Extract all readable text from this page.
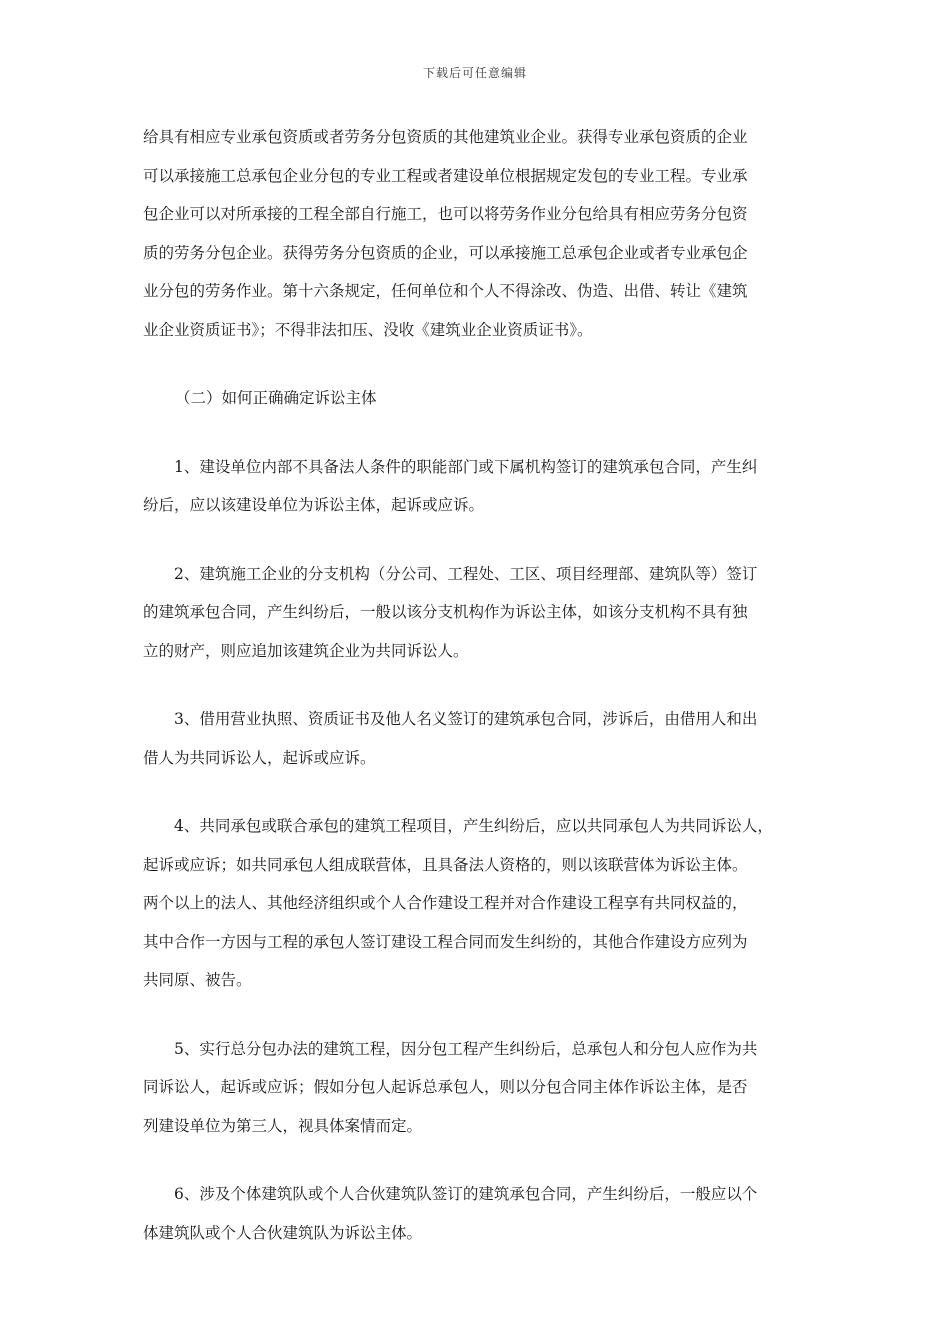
下载后可任意编辑

给具有相应专业承包资质或者劳务分包资质的其他建筑业企业。获得专业承包资质的企业
可以承接施工总承包企业分包的专业工程或者建设单位根据规定发包的专业工程。专业承
包企业可以对所承接的工程全部自行施工，也可以将劳务作业分包给具有相应劳务分包资
质的劳务分包企业。获得劳务分包资质的企业，可以承接施工总承包企业或者专业承包企
业分包的劳务作业。第十六条规定，任何单位和个人不得涂改、伪造、出借、转让《建筑
业企业资质证书》；不得非法扣压、没收《建筑业企业资质证书》。

（二）如何正确确定诉讼主体

　　1、建设单位内部不具备法人条件的职能部门或下属机构签订的建筑承包合同，产生纠
纷后，应以该建设单位为诉讼主体，起诉或应诉。

　　2、建筑施工企业的分支机构（分公司、工程处、工区、项目经理部、建筑队等）签订
的建筑承包合同，产生纠纷后，一般以该分支机构作为诉讼主体，如该分支机构不具有独
立的财产，则应追加该建筑企业为共同诉讼人。

　　3、借用营业执照、资质证书及他人名义签订的建筑承包合同，涉诉后，由借用人和出
借人为共同诉讼人，起诉或应诉。

　　4、共同承包或联合承包的建筑工程项目，产生纠纷后，应以共同承包人为共同诉讼人，
起诉或应诉；如共同承包人组成联营体，且具备法人资格的，则以该联营体为诉讼主体。
两个以上的法人、其他经济组织或个人合作建设工程并对合作建设工程享有共同权益的，
其中合作一方因与工程的承包人签订建设工程合同而发生纠纷的，其他合作建设方应列为
共同原、被告。

　　5、实行总分包办法的建筑工程，因分包工程产生纠纷后，总承包人和分包人应作为共
同诉讼人，起诉或应诉；假如分包人起诉总承包人，则以分包合同主体作诉讼主体，是否
列建设单位为第三人，视具体案情而定。

　　6、涉及个体建筑队或个人合伙建筑队签订的建筑承包合同，产生纠纷后，一般应以个
体建筑队或个人合伙建筑队为诉讼主体。
